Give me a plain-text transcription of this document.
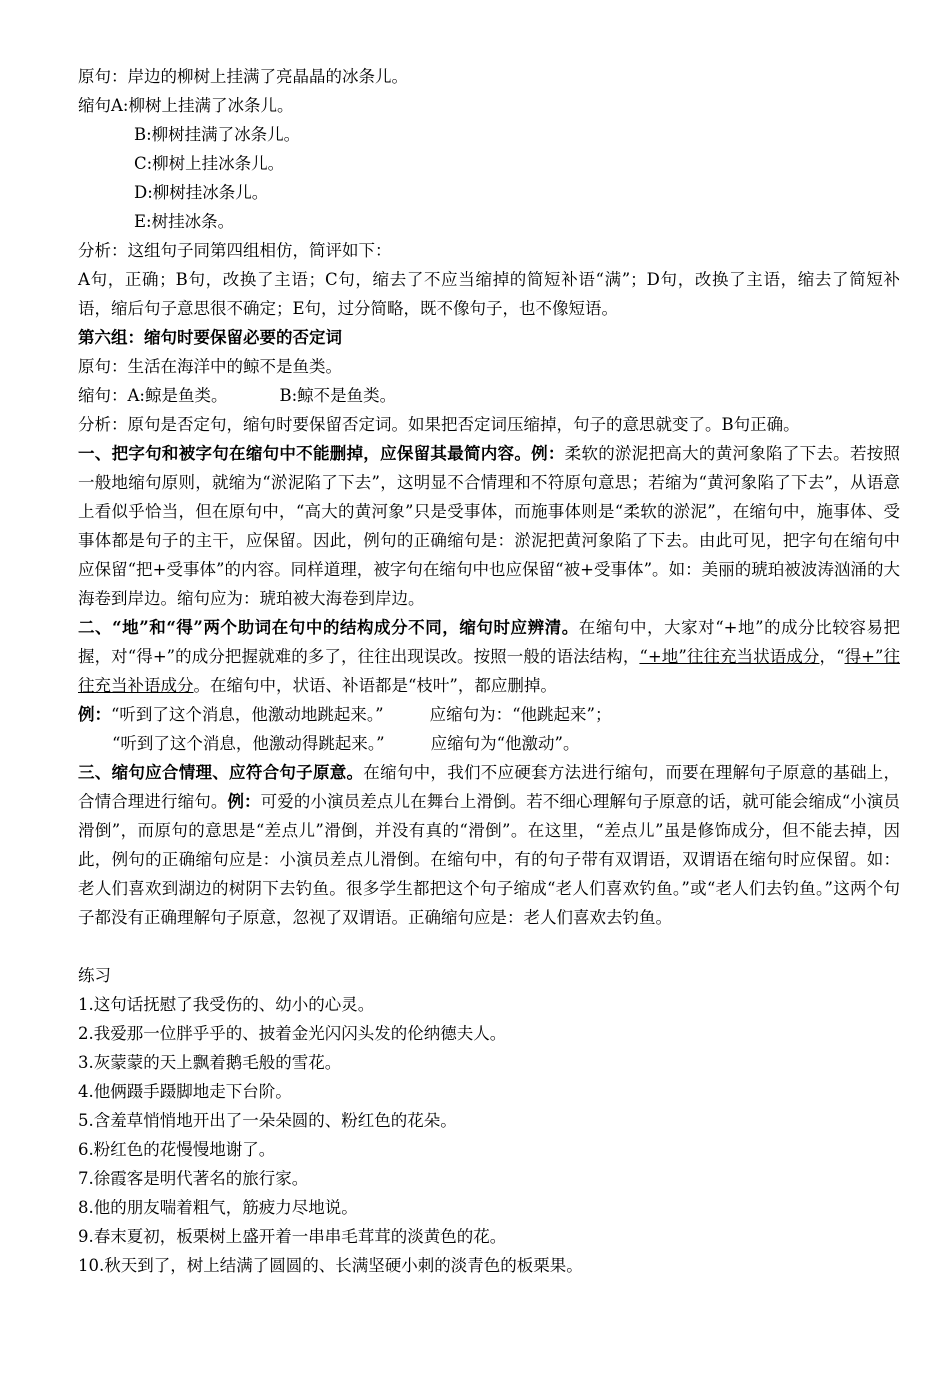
原句：岸边的柳树上挂满了亮晶晶的冰条儿。
缩句A:柳树上挂满了冰条儿。
B:柳树挂满了冰条儿。
C:柳树上挂冰条儿。
D:柳树挂冰条儿。
E:树挂冰条。
分析：这组句子同第四组相仿，简评如下：
A句，正确；B句，改换了主语；C句，缩去了不应当缩掉的简短补语“满”；D句，改换了主语，缩去了简短补语，缩后句子意思很不确定；E句，过分简略，既不像句子，也不像短语。
第六组：缩句时要保留必要的否定词
原句：生活在海洋中的鲸不是鱼类。
缩句：A:鲸是鱼类。	B:鲸不是鱼类。
分析：原句是否定句，缩句时要保留否定词。如果把否定词压缩掉，句子的意思就变了。B句正确。
一、把字句和被字句在缩句中不能删掉，应保留其最简内容。例：柔软的淤泥把高大的黄河象陷了下去。若按照一般地缩句原则，就缩为“淤泥陷了下去”，这明显不合情理和不符原句意思；若缩为“黄河象陷了下去”，从语意上看似乎恰当，但在原句中，“高大的黄河象”只是受事体，而施事体则是“柔软的淤泥”，在缩句中，施事体、受事体都是句子的主干，应保留。因此，例句的正确缩句是：淤泥把黄河象陷了下去。由此可见，把字句在缩句中应保留“把+受事体”的内容。同样道理，被字句在缩句中也应保留“被+受事体”。如：美丽的琥珀被波涛汹涌的大海卷到岸边。缩句应为：琥珀被大海卷到岸边。
二、“地”和“得”两个助词在句中的结构成分不同，缩句时应辨清。在缩句中，大家对“+地”的成分比较容易把握，对“得+”的成分把握就难的多了，往往出现误改。按照一般的语法结构，“+地”往往充当状语成分，“得+”往往充当补语成分。在缩句中，状语、补语都是“枝叶”，都应删掉。
例：“听到了这个消息，他激动地跳起来。”	应缩句为：“他跳起来”；
“听到了这个消息，他激动得跳起来。”	应缩句为“他激动”。
三、缩句应合情理、应符合句子原意。在缩句中，我们不应硬套方法进行缩句，而要在理解句子原意的基础上，合情合理进行缩句。例：可爱的小演员差点儿在舞台上滑倒。若不细心理解句子原意的话，就可能会缩成“小演员滑倒”，而原句的意思是“差点儿”滑倒，并没有真的“滑倒”。在这里，“差点儿”虽是修饰成分，但不能去掉，因此，例句的正确缩句应是：小演员差点儿滑倒。在缩句中，有的句子带有双谓语，双谓语在缩句时应保留。如：老人们喜欢到湖边的树阴下去钓鱼。很多学生都把这个句子缩成“老人们喜欢钓鱼。”或“老人们去钓鱼。”这两个句子都没有正确理解句子原意，忽视了双谓语。正确缩句应是：老人们喜欢去钓鱼。
练习
1.这句话抚慰了我受伤的、幼小的心灵。
2.我爱那一位胖乎乎的、披着金光闪闪头发的伦纳德夫人。
3.灰蒙蒙的天上飘着鹅毛般的雪花。
4.他俩蹑手蹑脚地走下台阶。
5.含羞草悄悄地开出了一朵朵圆的、粉红色的花朵。
6.粉红色的花慢慢地谢了。
7.徐霞客是明代著名的旅行家。
8.他的朋友喘着粗气，筋疲力尽地说。
9.春末夏初，板栗树上盛开着一串串毛茸茸的淡黄色的花。
10.秋天到了，树上结满了圆圆的、长满坚硬小刺的淡青色的板栗果。
